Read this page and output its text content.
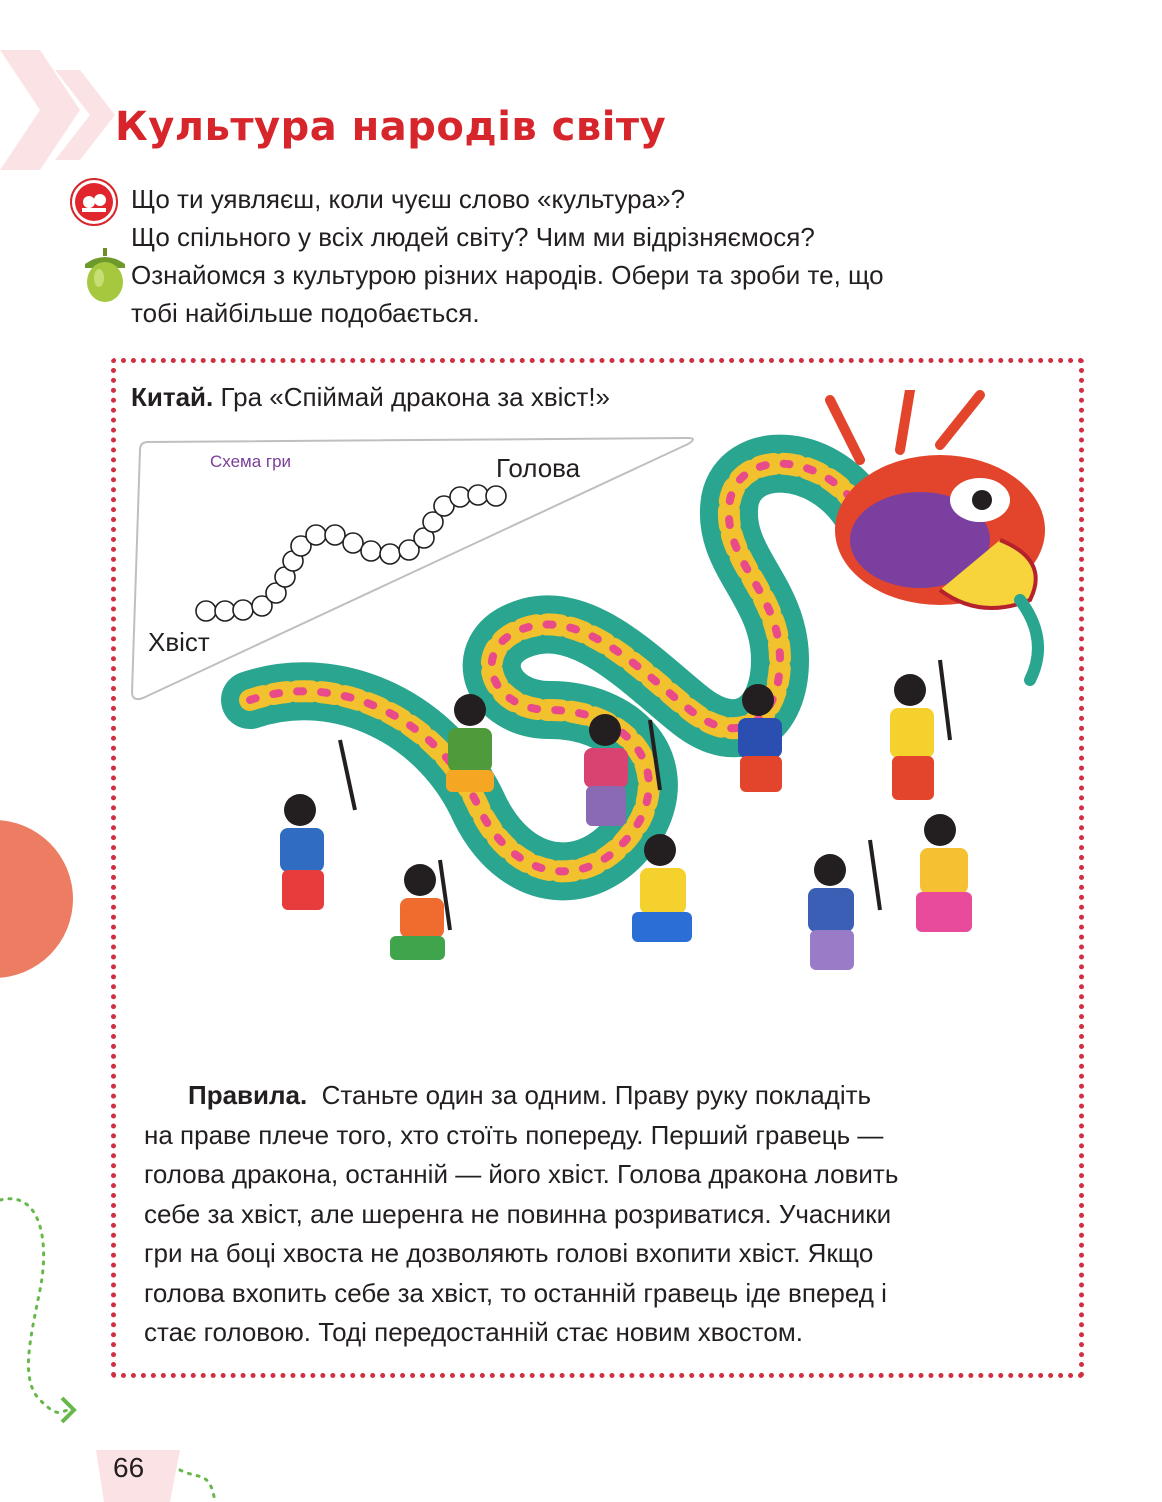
Культура народів світу
Що ти уявляєш, коли чуєш слово «культура»?
Що спільного у всіх людей світу? Чим ми відрізняємося?
Ознайомся з культурою різних народів. Обери та зроби те, що
тобі найбільше подобається.
Китай. Гра «Спіймай дракона за хвіст!»
Схема гри	Голова
Хвіст
Правила. Станьте один за одним. Праву руку покладіть
на праве плече того, хто стоїть попереду. Перший гравець —
голова дракона, останній — його хвіст. Голова дракона ловить
себе за хвіст, але шеренга не повинна розриватися. Учасники
гри на боці хвоста не дозволяють голові вхопити хвіст. Якщо
голова вхопить себе за хвіст, то останній гравець іде вперед і
стає головою. Тоді передостанній стає новим хвостом.
66
